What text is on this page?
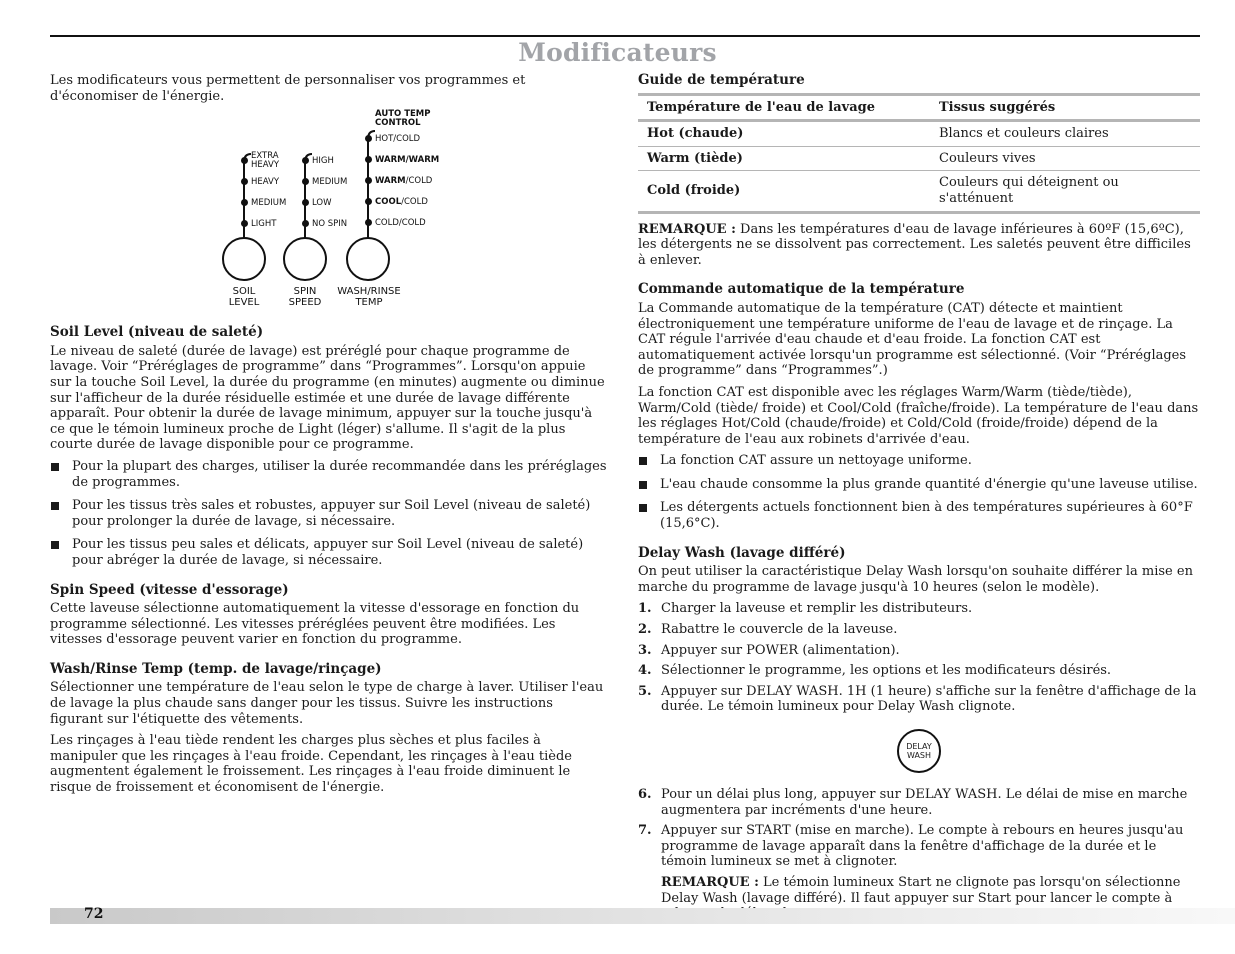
Modificateurs

Les modificateurs vous permettent de personnaliser vos programmes et d'économiser de l'énergie.

EXTRA
HEAVY
HEAVY
MEDIUM
LIGHT
SOIL
LEVEL
HIGH
MEDIUM
LOW
NO SPIN
SPIN
SPEED
AUTO TEMP
CONTROL
HOT/COLD
WARM/WARM
WARM/COLD
COOL/COLD
COLD/COLD
WASH/RINSE
TEMP
Soil Level (niveau de saleté)

Le niveau de saleté (durée de lavage) est préréglé pour chaque programme de lavage. Voir “Préréglages de programme” dans “Programmes”. Lorsqu'on appuie sur la touche Soil Level, la durée du programme (en minutes) augmente ou diminue sur l'afficheur de la durée résiduelle estimée et une durée de lavage différente apparaît. Pour obtenir la durée de lavage minimum, appuyer sur la touche jusqu'à ce que le témoin lumineux proche de Light (léger) s'allume. Il s'agit de la plus courte durée de lavage disponible pour ce programme.

Pour la plupart des charges, utiliser la durée recommandée dans les préréglages de programmes.
Pour les tissus très sales et robustes, appuyer sur Soil Level (niveau de saleté) pour prolonger la durée de lavage, si nécessaire.
Pour les tissus peu sales et délicats, appuyer sur Soil Level (niveau de saleté) pour abréger la durée de lavage, si nécessaire.
Spin Speed (vitesse d'essorage)

Cette laveuse sélectionne automatiquement la vitesse d'essorage en fonction du programme sélectionné. Les vitesses préréglées peuvent être modifiées. Les vitesses d'essorage peuvent varier en fonction du programme.

Wash/Rinse Temp (temp. de lavage/rinçage)

Sélectionner une température de l'eau selon le type de charge à laver. Utiliser l'eau de lavage la plus chaude sans danger pour les tissus. Suivre les instructions figurant sur l'étiquette des vêtements.

Les rinçages à l'eau tiède rendent les charges plus sèches et plus faciles à manipuler que les rinçages à l'eau froide. Cependant, les rinçages à l'eau tiède augmentent également le froissement. Les rinçages à l'eau froide diminuent le risque de froissement et économisent de l'énergie.

Guide de température
Température de l'eau de lavage	Tissus suggérés
Hot (chaude)	Blancs et couleurs claires
Warm (tiède)	Couleurs vives
Cold (froide)	Couleurs qui déteignent ou s'atténuent

REMARQUE : Dans les températures d'eau de lavage inférieures à 60ºF (15,6ºC), les détergents ne se dissolvent pas correctement. Les saletés peuvent être difficiles à enlever.

Commande automatique de la température

La Commande automatique de la température (CAT) détecte et maintient électroniquement une température uniforme de l'eau de lavage et de rinçage. La CAT régule l'arrivée d'eau chaude et d'eau froide. La fonction CAT est automatiquement activée lorsqu'un programme est sélectionné. (Voir “Préréglages de programme” dans “Programmes”.)

La fonction CAT est disponible avec les réglages Warm/Warm (tiède/tiède), Warm/Cold (tiède/ froide) et Cool/Cold (fraîche/froide). La température de l'eau dans les réglages Hot/Cold (chaude/froide) et Cold/Cold (froide/froide) dépend de la température de l'eau aux robinets d'arrivée d'eau.

La fonction CAT assure un nettoyage uniforme.
L'eau chaude consomme la plus grande quantité d'énergie qu'une laveuse utilise.
Les détergents actuels fonctionnent bien à des températures supérieures à 60°F (15,6°C).
Delay Wash (lavage différé)

On peut utiliser la caractéristique Delay Wash lorsqu'on souhaite différer la mise en marche du programme de lavage jusqu'à 10 heures (selon le modèle).

1. Charger la laveuse et remplir les distributeurs.
2. Rabattre le couvercle de la laveuse.
3. Appuyer sur POWER (alimentation).
4. Sélectionner le programme, les options et les modificateurs désirés.
5. Appuyer sur DELAY WASH. 1H (1 heure) s'affiche sur la fenêtre d'affichage de la durée. Le témoin lumineux pour Delay Wash clignote.
DELAY
WASH
6. Pour un délai plus long, appuyer sur DELAY WASH. Le délai de mise en marche augmentera par incréments d'une heure.
7. Appuyer sur START (mise en marche). Le compte à rebours en heures jusqu'au programme de lavage apparaît dans la fenêtre d'affichage de la durée et le témoin lumineux se met à clignoter.

REMARQUE : Le témoin lumineux Start ne clignote pas lorsqu'on sélectionne Delay Wash (lavage différé). Il faut appuyer sur Start pour lancer le compte à

72
